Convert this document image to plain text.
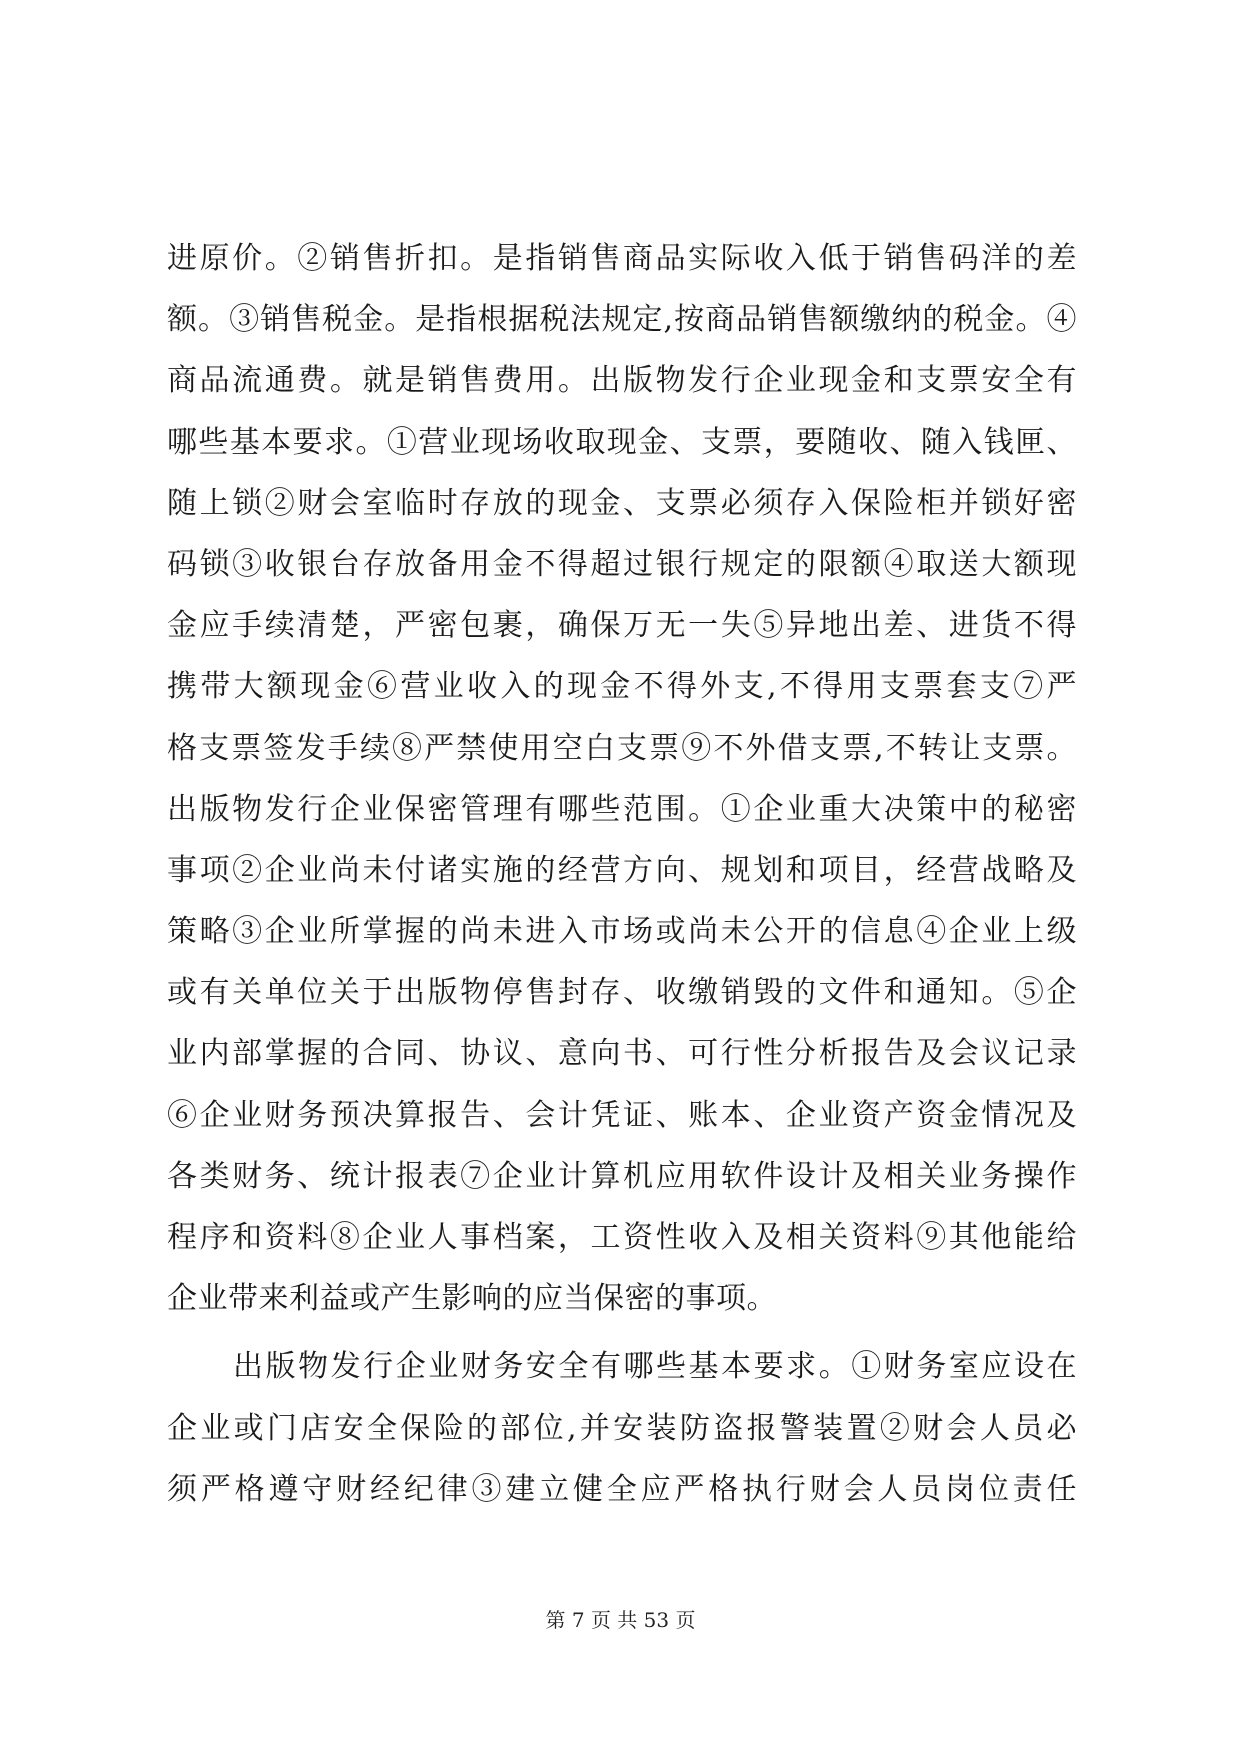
进原价。②销售折扣。是指销售商品实际收入低于销售码洋的差
额。③销售税金。是指根据税法规定,按商品销售额缴纳的税金。④
商品流通费。就是销售费用。出版物发行企业现金和支票安全有
哪些基本要求。①营业现场收取现金、支票，要随收、随入钱匣、
随上锁②财会室临时存放的现金、支票必须存入保险柜并锁好密
码锁③收银台存放备用金不得超过银行规定的限额④取送大额现
金应手续清楚，严密包裹，确保万无一失⑤异地出差、进货不得
携带大额现金⑥营业收入的现金不得外支,不得用支票套支⑦严
格支票签发手续⑧严禁使用空白支票⑨不外借支票,不转让支票。
出版物发行企业保密管理有哪些范围。①企业重大决策中的秘密
事项②企业尚未付诸实施的经营方向、规划和项目，经营战略及
策略③企业所掌握的尚未进入市场或尚未公开的信息④企业上级
或有关单位关于出版物停售封存、收缴销毁的文件和通知。⑤企
业内部掌握的合同、协议、意向书、可行性分析报告及会议记录
⑥企业财务预决算报告、会计凭证、账本、企业资产资金情况及
各类财务、统计报表⑦企业计算机应用软件设计及相关业务操作
程序和资料⑧企业人事档案，工资性收入及相关资料⑨其他能给
企业带来利益或产生影响的应当保密的事项。
出版物发行企业财务安全有哪些基本要求。①财务室应设在
企业或门店安全保险的部位,并安装防盗报警装置②财会人员必
须严格遵守财经纪律③建立健全应严格执行财会人员岗位责任
第 7 页 共 53 页
